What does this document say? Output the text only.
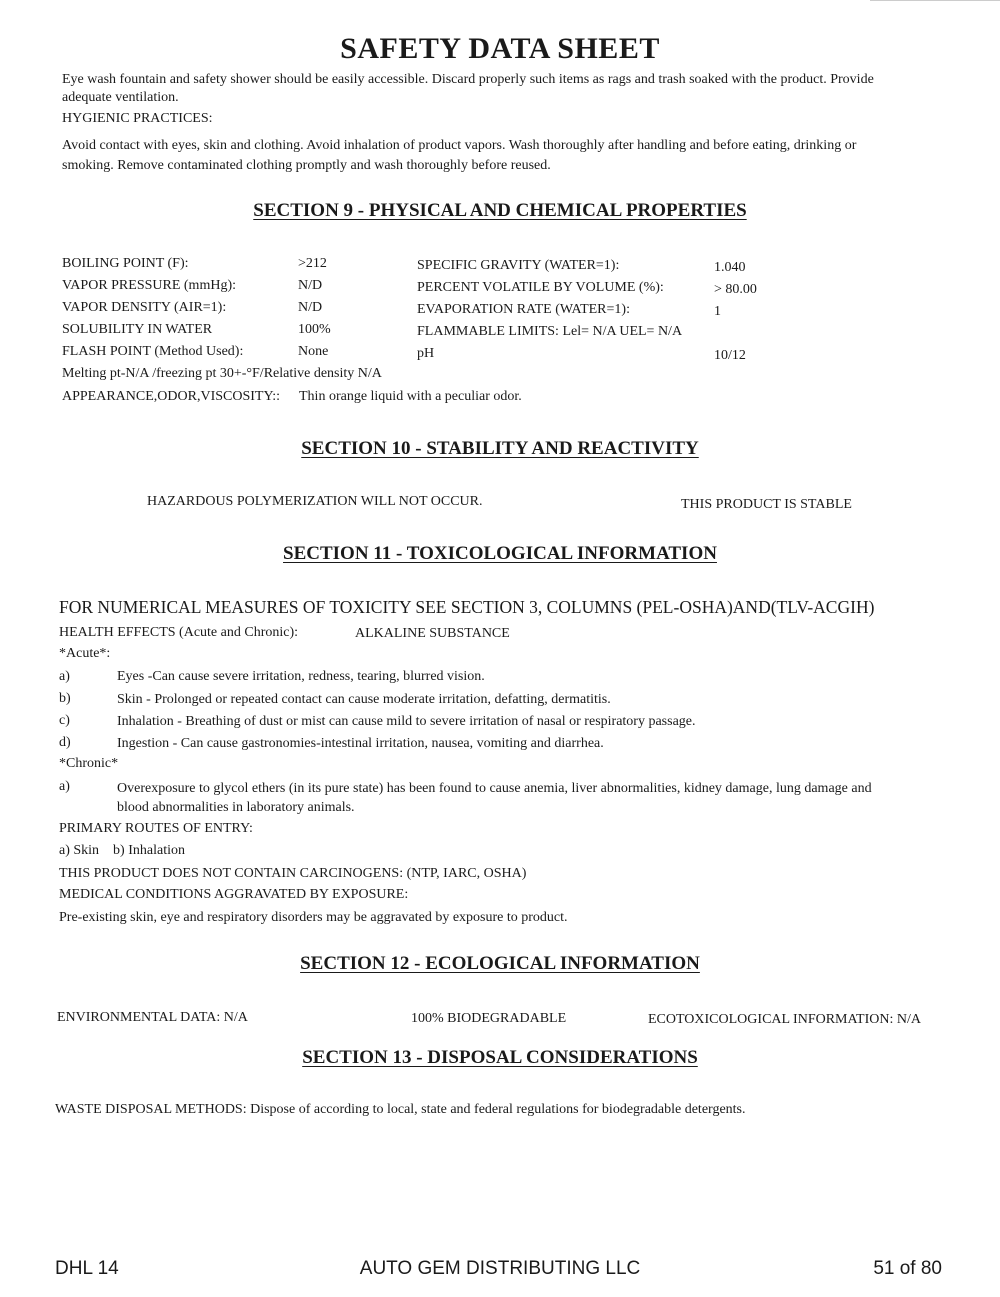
SAFETY DATA SHEET
Eye wash fountain and safety shower should be easily accessible. Discard properly such items as rags and trash soaked with the product. Provide
adequate ventilation.
HYGIENIC PRACTICES:
Avoid contact with eyes, skin and clothing. Avoid inhalation of product vapors. Wash thoroughly after handling and before eating, drinking or
smoking. Remove contaminated clothing promptly and wash thoroughly before reused.
SECTION 9 - PHYSICAL AND CHEMICAL PROPERTIES
BOILING POINT (F):	>212
VAPOR PRESSURE (mmHg):	N/D
VAPOR DENSITY (AIR=1):	N/D
SOLUBILITY IN WATER	100%
FLASH POINT (Method Used):	None
SPECIFIC GRAVITY (WATER=1):	1.040
PERCENT VOLATILE BY VOLUME (%):	> 80.00
EVAPORATION RATE (WATER=1):	1
FLAMMABLE LIMITS: Lel= N/A UEL= N/A
pH	10/12
Melting pt-N/A /freezing pt 30+-°F/Relative density N/A
APPEARANCE,ODOR,VISCOSITY:: Thin orange liquid with a peculiar odor.
SECTION 10 - STABILITY AND REACTIVITY
HAZARDOUS POLYMERIZATION WILL NOT OCCUR.	THIS PRODUCT IS STABLE
SECTION 11 - TOXICOLOGICAL INFORMATION
FOR NUMERICAL MEASURES OF TOXICITY SEE SECTION 3, COLUMNS (PEL-OSHA)AND(TLV-ACGIH)
HEALTH EFFECTS (Acute and Chronic):	ALKALINE SUBSTANCE
*Acute*:
a)	Eyes -Can cause severe irritation, redness, tearing, blurred vision.
b)	Skin - Prolonged or repeated contact can cause moderate irritation, defatting, dermatitis.
c)	Inhalation - Breathing of dust or mist can cause mild to severe irritation of nasal or respiratory passage.
d)	Ingestion - Can cause gastronomies-intestinal irritation, nausea, vomiting and diarrhea.
*Chronic*
a)	Overexposure to glycol ethers (in its pure state) has been found to cause anemia, liver abnormalities, kidney damage, lung damage and
blood abnormalities in laboratory animals.
PRIMARY ROUTES OF ENTRY:
a) Skin    b) Inhalation
THIS PRODUCT DOES NOT CONTAIN CARCINOGENS: (NTP, IARC, OSHA)
MEDICAL CONDITIONS AGGRAVATED BY EXPOSURE:
Pre-existing skin, eye and respiratory disorders may be aggravated by exposure to product.
SECTION 12 - ECOLOGICAL INFORMATION
ENVIRONMENTAL DATA: N/A	100% BIODEGRADABLE	ECOTOXICOLOGICAL INFORMATION: N/A
SECTION 13 - DISPOSAL CONSIDERATIONS
WASTE DISPOSAL METHODS: Dispose of according to local, state and federal regulations for biodegradable detergents.
DHL 14	AUTO GEM DISTRIBUTING LLC	51 of 80
